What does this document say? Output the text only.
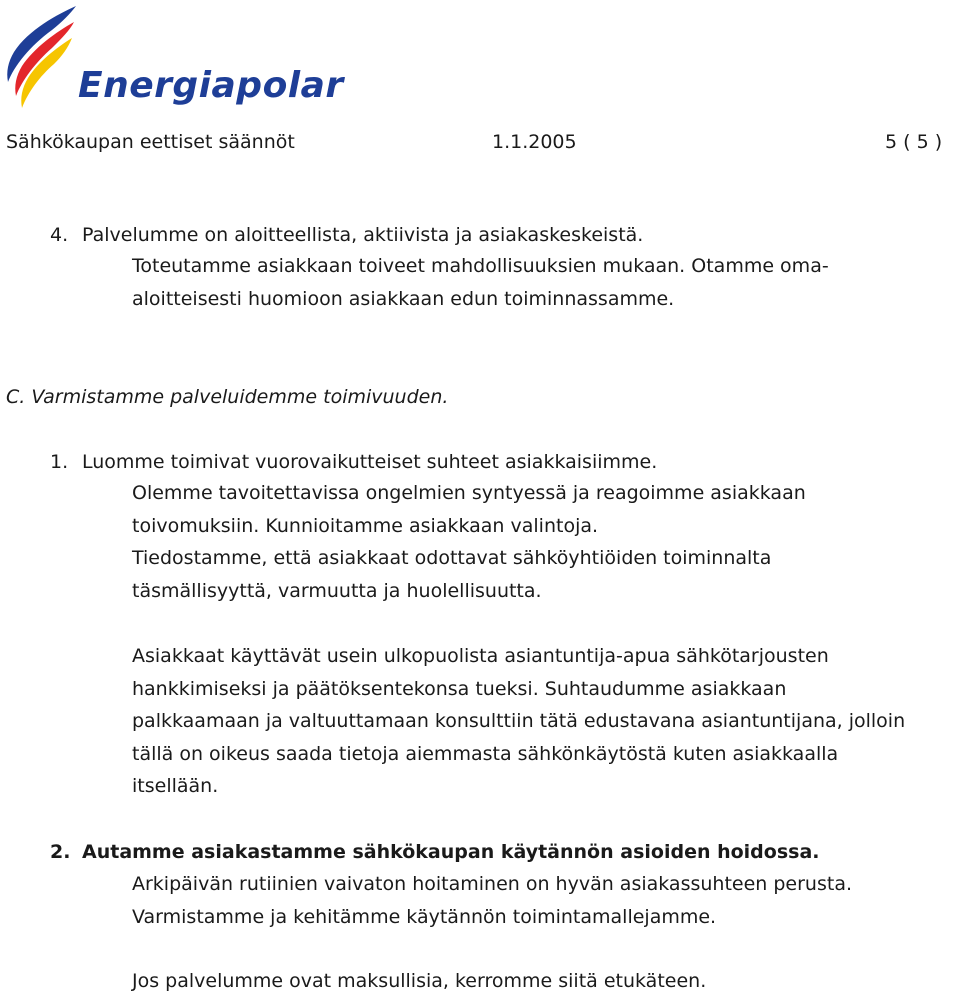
Energiapolar
Sähkökaupan eettiset säännöt	1.1.2005	5 ( 5 )
4. Palvelumme on aloitteellista, aktiivista ja asiakaskeskeistä.
Toteutamme asiakkaan toiveet mahdollisuuksien mukaan. Otamme oma-
aloitteisesti huomioon asiakkaan edun toiminnassamme.
C. Varmistamme palveluidemme toimivuuden.
1. Luomme toimivat vuorovaikutteiset suhteet asiakkaisiimme.
Olemme tavoitettavissa ongelmien syntyessä ja reagoimme asiakkaan
toivomuksiin. Kunnioitamme asiakkaan valintoja.
Tiedostamme, että asiakkaat odottavat sähköyhtiöiden toiminnalta
täsmällisyyttä, varmuutta ja huolellisuutta.
Asiakkaat käyttävät usein ulkopuolista asiantuntija-apua sähkötarjousten
hankkimiseksi ja päätöksentekonsa tueksi. Suhtaudumme asiakkaan
palkkaamaan ja valtuuttamaan konsulttiin tätä edustavana asiantuntijana, jolloin
tällä on oikeus saada tietoja aiemmasta sähkönkäytöstä kuten asiakkaalla
itsellään.
2. Autamme asiakastamme sähkökaupan käytännön asioiden hoidossa.
Arkipäivän rutiinien vaivaton hoitaminen on hyvän asiakassuhteen perusta.
Varmistamme ja kehitämme käytännön toimintamallejamme.
Jos palvelumme ovat maksullisia, kerromme siitä etukäteen.
